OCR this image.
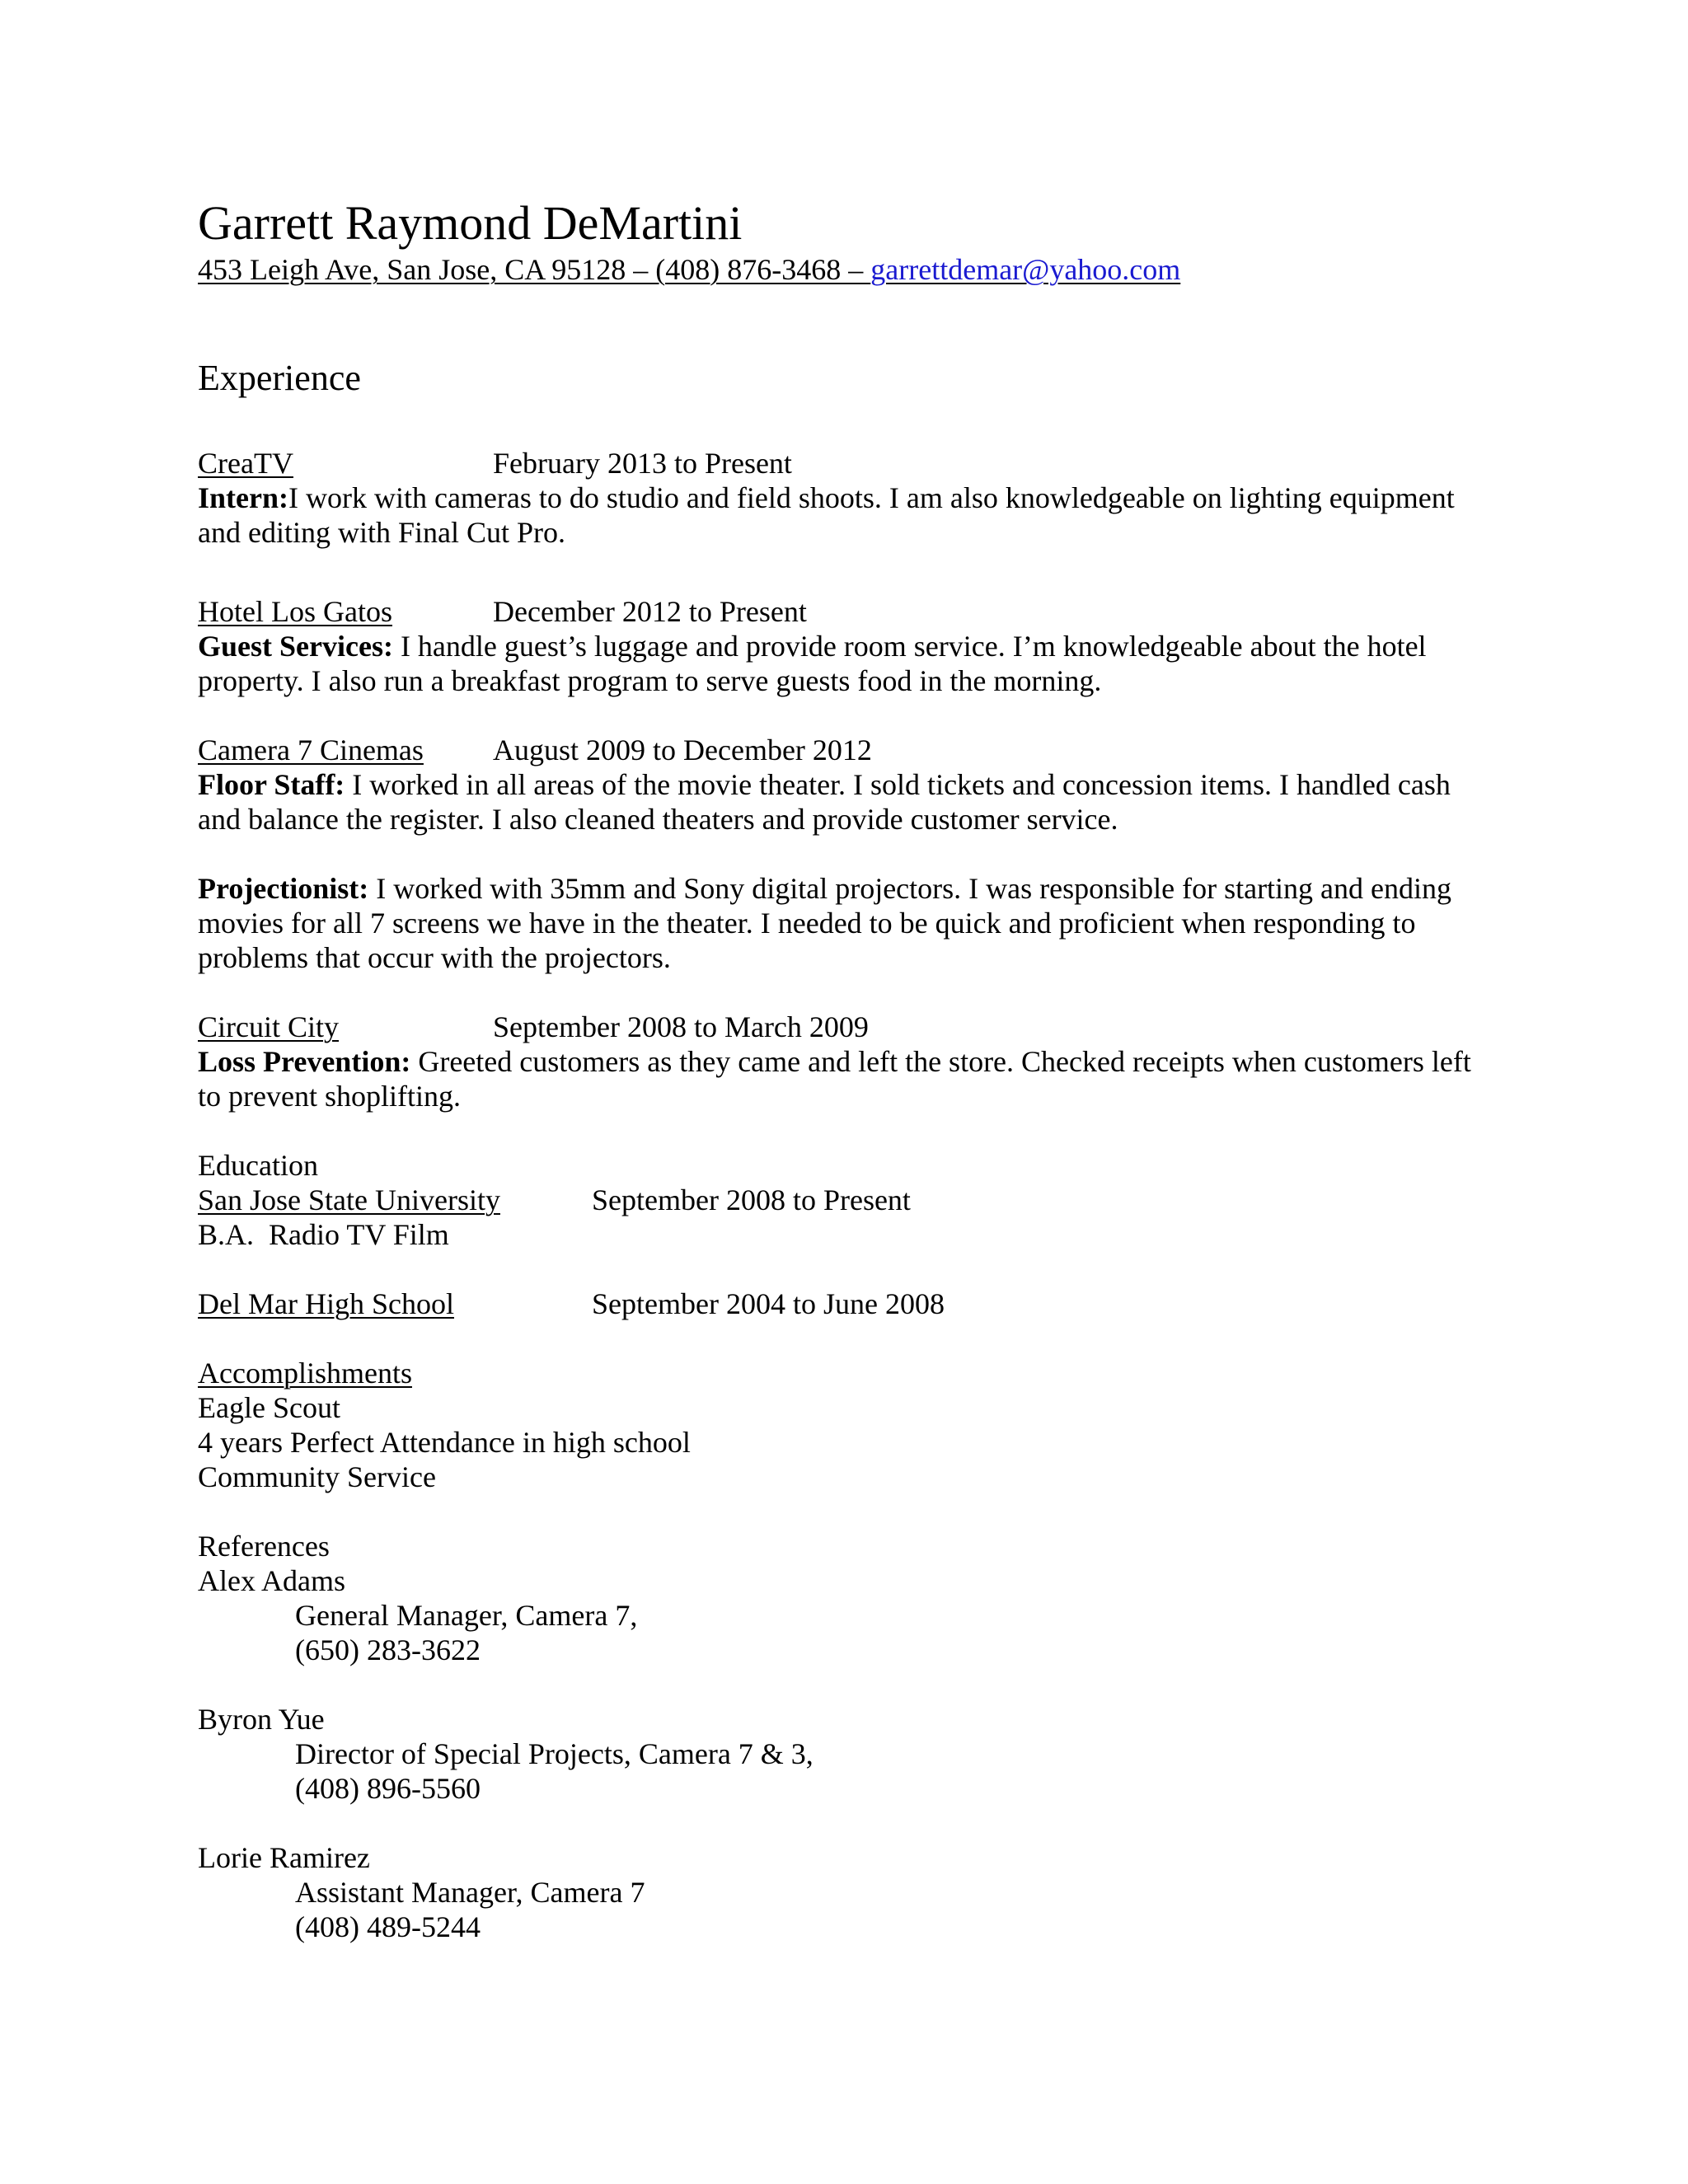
Garrett Raymond DeMartini
453 Leigh Ave, San Jose, CA 95128 – (408) 876-3468 – garrettdemar@yahoo.com
Experience
CreaTV	February 2013 to Present
Intern:I work with cameras to do studio and field shoots. I am also knowledgeable on lighting equipment and editing with Final Cut Pro.
Hotel Los Gatos	December 2012 to Present
Guest Services: I handle guest’s luggage and provide room service. I’m knowledgeable about the hotel property. I also run a breakfast program to serve guests food in the morning.
Camera 7 Cinemas August 2009 to December 2012
Floor Staff: I worked in all areas of the movie theater. I sold tickets and concession items. I handled cash and balance the register. I also cleaned theaters and provide customer service.
Projectionist: I worked with 35mm and Sony digital projectors. I was responsible for starting and ending movies for all 7 screens we have in the theater. I needed to be quick and proficient when responding to problems that occur with the projectors.
Circuit City	September 2008 to March 2009
Loss Prevention: Greeted customers as they came and left the store. Checked receipts when customers left to prevent shoplifting.
Education
San Jose State University	September 2008 to Present
B.A.  Radio TV Film
Del Mar High School	September 2004 to June 2008
Accomplishments
Eagle Scout
4 years Perfect Attendance in high school
Community Service
References
Alex Adams
General Manager, Camera 7,
(650) 283-3622
Byron Yue
Director of Special Projects, Camera 7 & 3,
(408) 896-5560
Lorie Ramirez
Assistant Manager, Camera 7
(408) 489-5244
